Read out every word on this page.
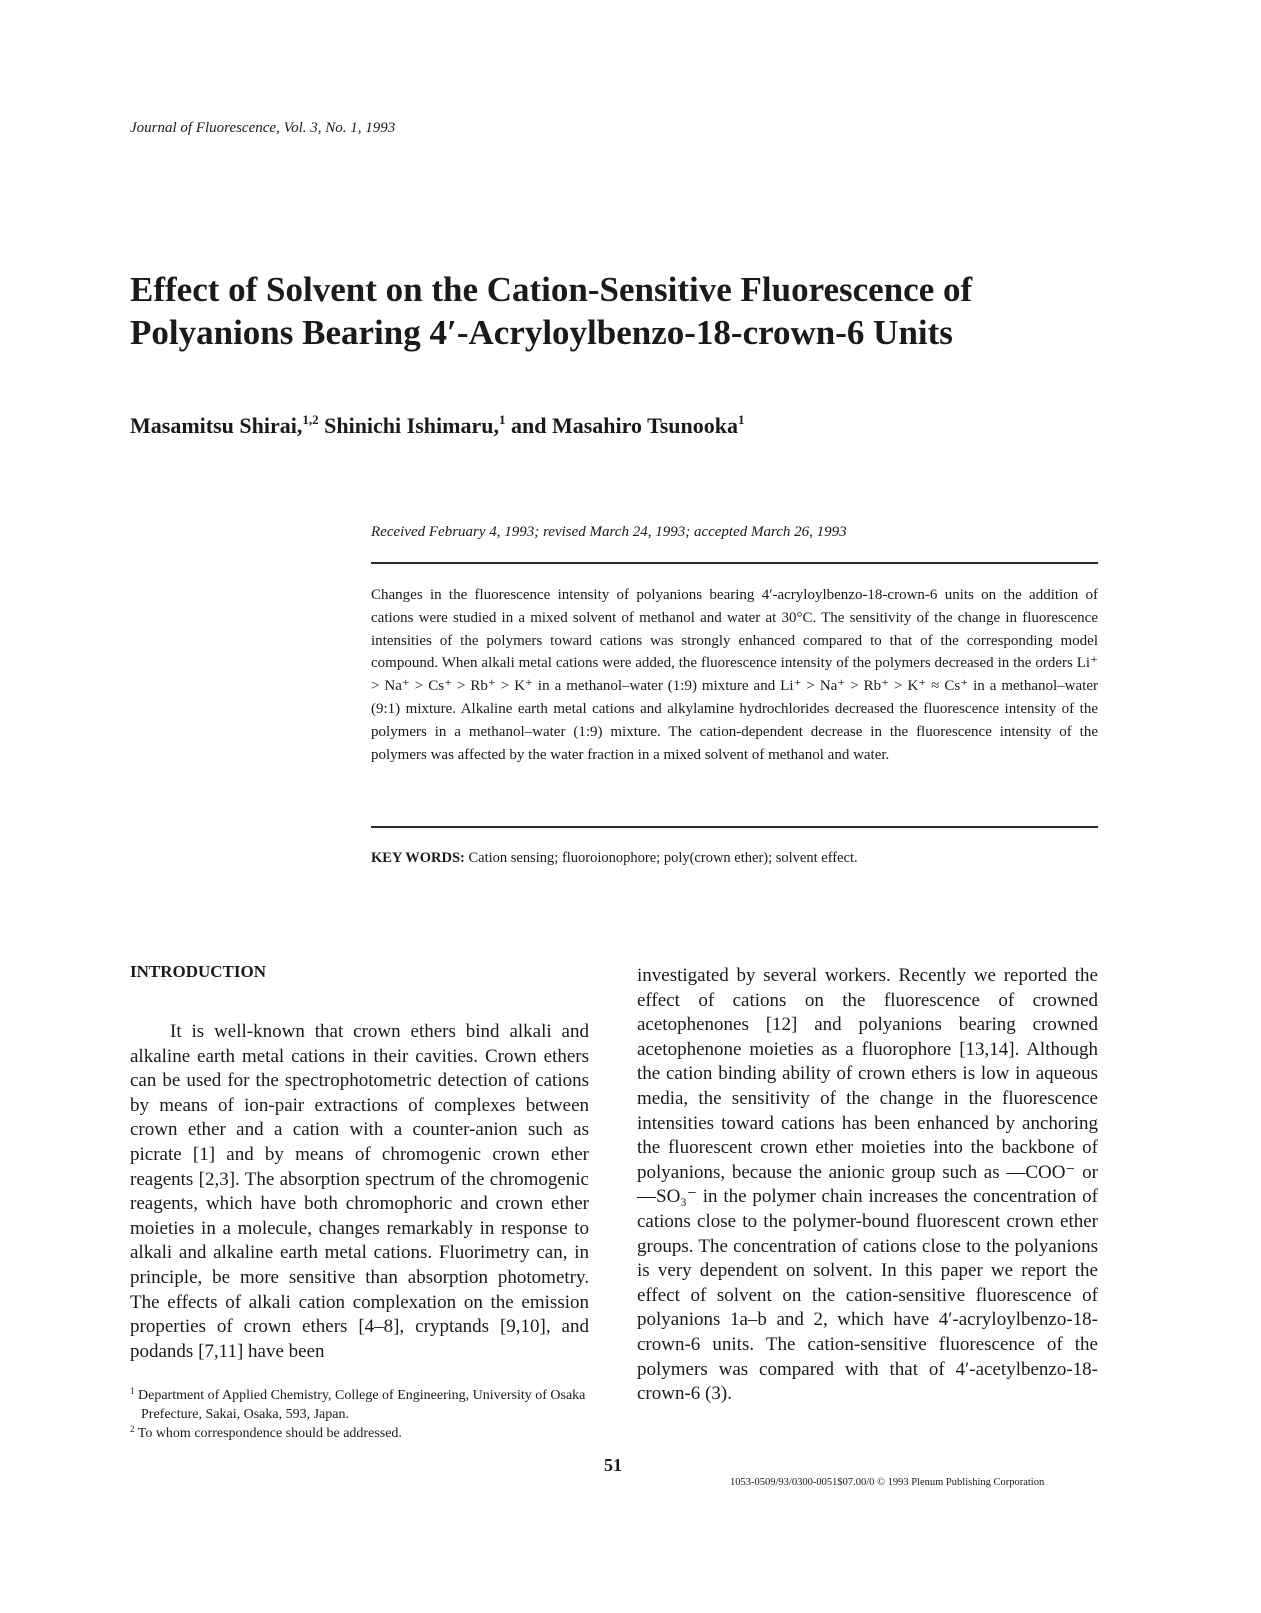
Journal of Fluorescence, Vol. 3, No. 1, 1993
Effect of Solvent on the Cation-Sensitive Fluorescence of Polyanions Bearing 4′-Acryloylbenzo-18-crown-6 Units
Masamitsu Shirai,$^{1,2}$ Shinichi Ishimaru,$^1$ and Masahiro Tsunooka$^1$
Received February 4, 1993; revised March 24, 1993; accepted March 26, 1993
Changes in the fluorescence intensity of polyanions bearing 4′-acryloylbenzo-18-crown-6 units on the addition of cations were studied in a mixed solvent of methanol and water at 30°C. The sensitivity of the change in fluorescence intensities of the polymers toward cations was strongly enhanced compared to that of the corresponding model compound. When alkali metal cations were added, the fluorescence intensity of the polymers decreased in the orders Li⁺ > Na⁺ > Cs⁺ > Rb⁺ > K⁺ in a methanol–water (1:9) mixture and Li⁺ > Na⁺ > Rb⁺ > K⁺ ≈ Cs⁺ in a methanol–water (9:1) mixture. Alkaline earth metal cations and alkylamine hydrochlorides decreased the fluorescence intensity of the polymers in a methanol–water (1:9) mixture. The cation-dependent decrease in the fluorescence intensity of the polymers was affected by the water fraction in a mixed solvent of methanol and water.
KEY WORDS: Cation sensing; fluoroionophore; poly(crown ether); solvent effect.
INTRODUCTION

It is well-known that crown ethers bind alkali and alkaline earth metal cations in their cavities. Crown ethers can be used for the spectrophotometric detection of cations by means of ion-pair extractions of complexes between crown ether and a cation with a counter-anion such as picrate [1] and by means of chromogenic crown ether reagents [2,3]. The absorption spectrum of the chromogenic reagents, which have both chromophoric and crown ether moieties in a molecule, changes remarkably in response to alkali and alkaline earth metal cations. Fluorimetry can, in principle, be more sensitive than absorption photometry. The effects of alkali cation complexation on the emission properties of crown ethers [4–8], cryptands [9,10], and podands [7,11] have been

investigated by several workers. Recently we reported the effect of cations on the fluorescence of crowned acetophenones [12] and polyanions bearing crowned acetophenone moieties as a fluorophore [13,14]. Although the cation binding ability of crown ethers is low in aqueous media, the sensitivity of the change in the fluorescence intensities toward cations has been enhanced by anchoring the fluorescent crown ether moieties into the backbone of polyanions, because the anionic group such as —COO⁻ or —SO₃⁻ in the polymer chain increases the concentration of cations close to the polymer-bound fluorescent crown ether groups. The concentration of cations close to the polyanions is very dependent on solvent. In this paper we report the effect of solvent on the cation-sensitive fluorescence of polyanions 1a–b and 2, which have 4′-acryloylbenzo-18-crown-6 units. The cation-sensitive fluorescence of the polymers was compared with that of 4′-acetylbenzo-18-crown-6 (3).

$^1$ Department of Applied Chemistry, College of Engineering, University of Osaka Prefecture, Sakai, Osaka, 593, Japan.

$^2$ To whom correspondence should be addressed.

51
1053-0509/93/0300-0051$07.00/0 © 1993 Plenum Publishing Corporation
